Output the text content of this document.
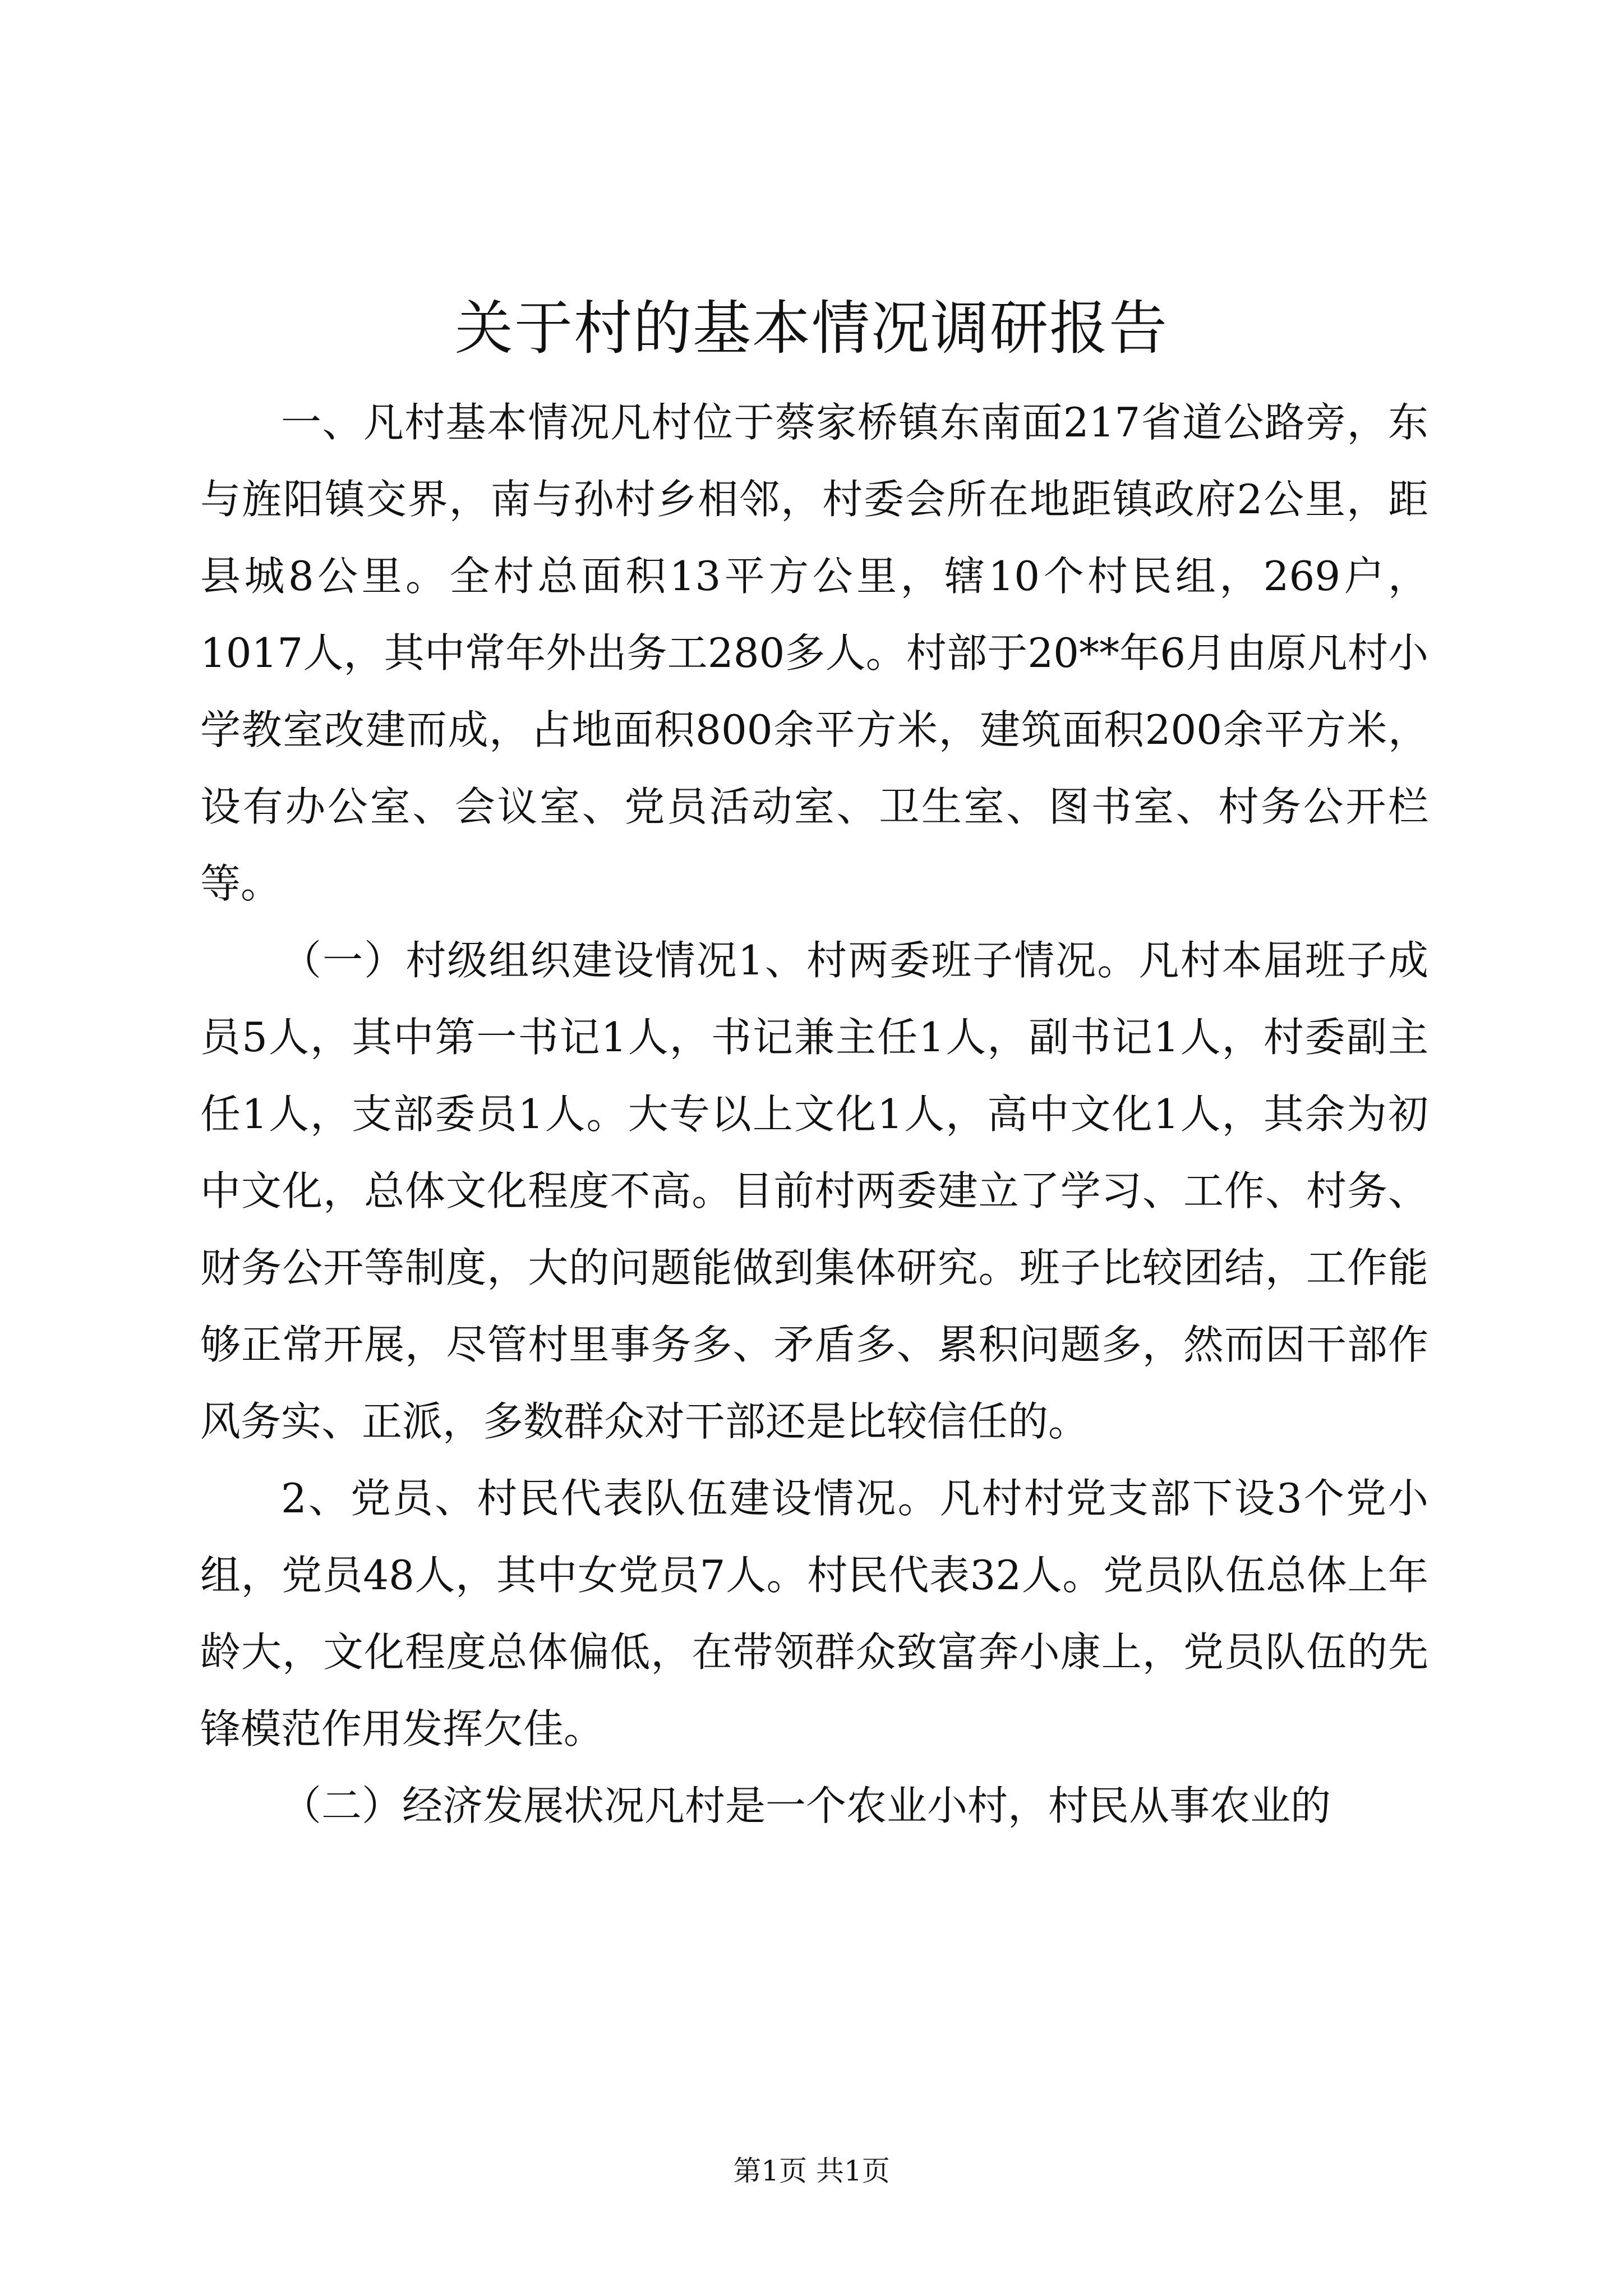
关于村的基本情况调研报告

一、凡村基本情况凡村位于蔡家桥镇东南面217省道公路旁，东与旌阳镇交界，南与孙村乡相邻，村委会所在地距镇政府2公里，距县城8公里。全村总面积13平方公里，辖10个村民组，269户，1017人，其中常年外出务工280多人。村部于20**年6月由原凡村小学教室改建而成，占地面积800余平方米，建筑面积200余平方米，设有办公室、会议室、党员活动室、卫生室、图书室、村务公开栏等。

（一）村级组织建设情况1、村两委班子情况。凡村本届班子成员5人，其中第一书记1人，书记兼主任1人，副书记1人，村委副主任1人，支部委员1人。大专以上文化1人，高中文化1人，其余为初中文化，总体文化程度不高。目前村两委建立了学习、工作、村务、财务公开等制度，大的问题能做到集体研究。班子比较团结，工作能够正常开展，尽管村里事务多、矛盾多、累积问题多，然而因干部作风务实、正派，多数群众对干部还是比较信任的。

2、党员、村民代表队伍建设情况。凡村村党支部下设3个党小组，党员48人，其中女党员7人。村民代表32人。党员队伍总体上年龄大，文化程度总体偏低，在带领群众致富奔小康上，党员队伍的先锋模范作用发挥欠佳。

（二）经济发展状况凡村是一个农业小村，村民从事农业的

第1页 共1页
